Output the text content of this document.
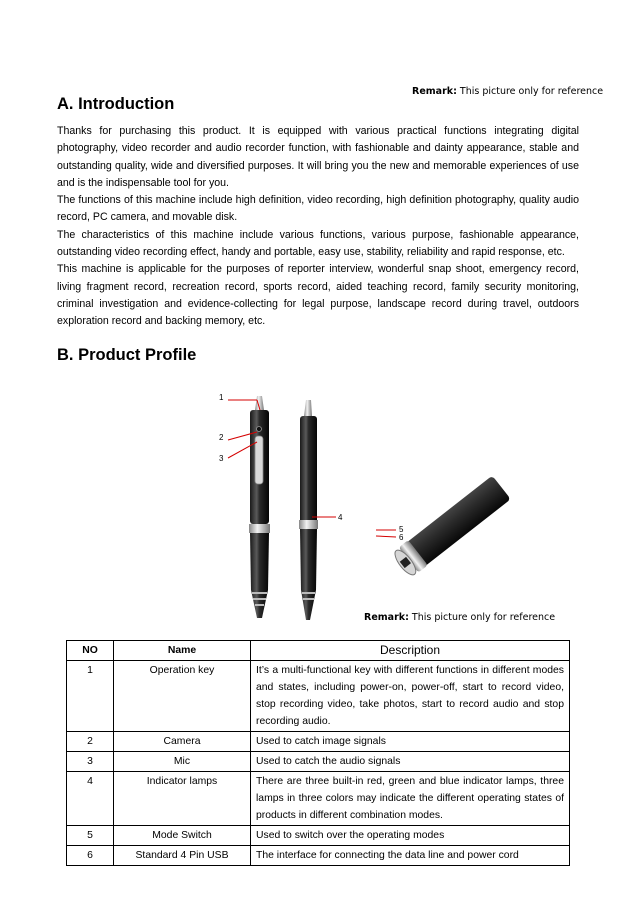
Remark: This picture only for reference
A. Introduction

Thanks for purchasing this product. It is equipped with various practical functions integrating digital photography, video recorder and audio recorder function, with fashionable and dainty appearance, stable and outstanding quality, wide and diversified purposes. It will bring you the new and memorable experiences of use and is the indispensable tool for you.

The functions of this machine include high definition, video recording, high definition photography, quality audio record, PC camera, and movable disk.

The characteristics of this machine include various functions, various purpose, fashionable appearance, outstanding video recording effect, handy and portable, easy use, stability, reliability and rapid response, etc.

This machine is applicable for the purposes of reporter interview, wonderful snap shoot, emergency record, living fragment record, recreation record, sports record, aided teaching record, family security monitoring, criminal investigation and evidence-collecting for legal purpose, landscape record during travel, outdoors exploration record and backing memory, etc.

B. Product Profile
1
2
3
4
5
6
Remark: This picture only for reference
NO	Name	Description
1	Operation key	It’s a multi-functional key with different functions in different modes and states, including power-on, power-off, start to record video, stop recording video, take photos, start to record audio and stop recording audio.
2	Camera	Used to catch image signals
3	Mic	Used to catch the audio signals
4	Indicator lamps	There are three built-in red, green and blue indicator lamps, three lamps in three colors may indicate the different operating states of products in different combination modes.
5	Mode Switch	Used to switch over the operating modes
6	Standard 4 Pin USB	The interface for connecting the data line and power cord
